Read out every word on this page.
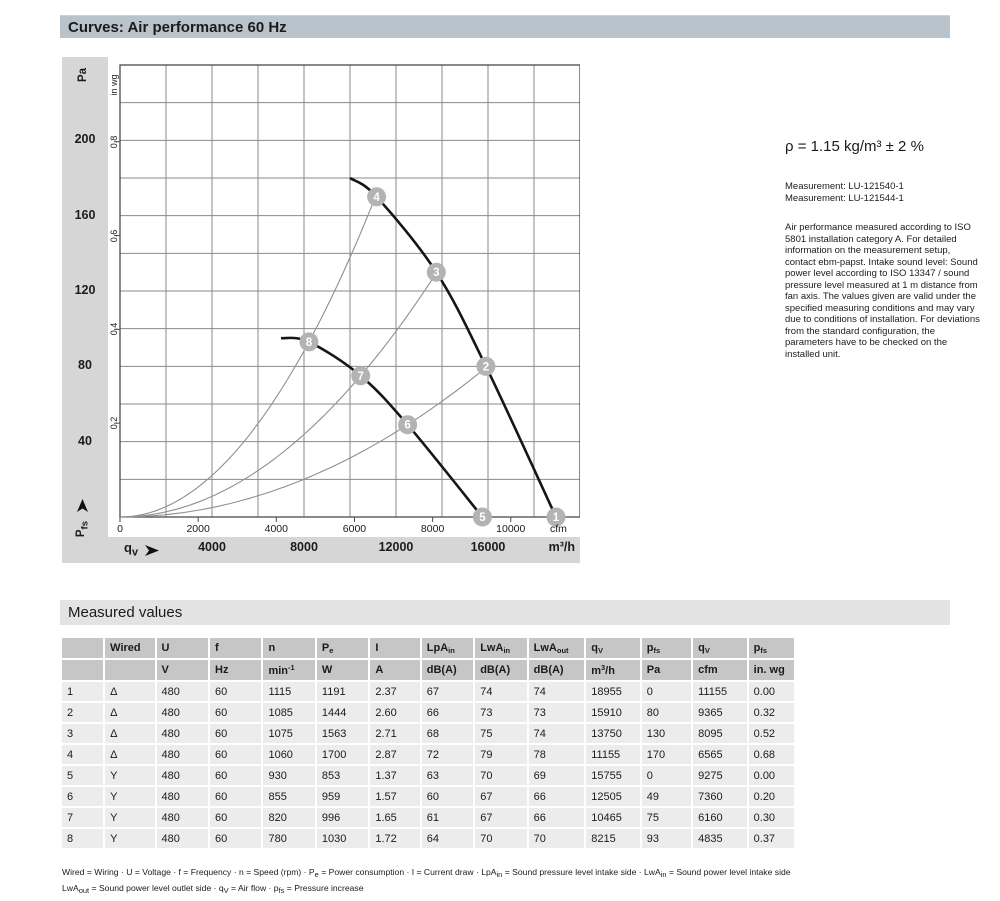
Curves: Air performance 60 Hz
4
3
2
1
8
7
6
5
200
160
120
80
40
0.8
0.6
0.4
0.2
0	2000	4000	6000	8000	10000
4000	8000	12000	16000
Pa in wg
$P_{fs}$
$q_v$
cfm
m³/h
ρ = 1.15 kg/m³ ± 2 %
Measurement: LU-121540-1
Measurement: LU-121544-1
Air performance measured according to ISO 5801 installation category A. For detailed information on the measurement setup, contact ebm-papst. Intake sound level: Sound power level according to ISO 13347 / sound pressure level measured at 1 m distance from fan axis. The values given are valid under the specified measuring conditions and may vary due to conditions of installation. For deviations from the standard configuration, the parameters have to be checked on the installed unit.
Measured values
	Wired	U	f	n	$P_e$	I	LpA$_{in}$	LwA$_{in}$	LwA$_{out}$	$q_V$	$p_{fs}$	$q_V$	$p_{fs}$
		V	Hz	$\min^{-1}$	W	A	dB(A)	dB(A)	dB(A)	$m^3/h$	Pa	cfm	in. wg
1	Δ	480	60	1115	1191	2.37	67	74	74	18955	0	11155	0.00
2	Δ	480	60	1085	1444	2.60	66	73	73	15910	80	9365	0.32
3	Δ	480	60	1075	1563	2.71	68	75	74	13750	130	8095	0.52
4	Δ	480	60	1060	1700	2.87	72	79	78	11155	170	6565	0.68
5	Y	480	60	930	853	1.37	63	70	69	15755	0	9275	0.00
6	Y	480	60	855	959	1.57	60	67	66	12505	49	7360	0.20
7	Y	480	60	820	996	1.65	61	67	66	10465	75	6160	0.30
8	Y	480	60	780	1030	1.72	64	70	70	8215	93	4835	0.37
Wired = Wiring · U = Voltage · f = Frequency · n = Speed $(rpm) \cdot P_e$ = Power consumption · I = Current draw · LpA$_{in}$ = Sound pressure level intake side · LwA$_{in}$ = Sound power level intake side
LwA$_{out}$ = Sound power level outlet side · $q_V$ = Air flow · $p_{fs}$ = Pressure increase
